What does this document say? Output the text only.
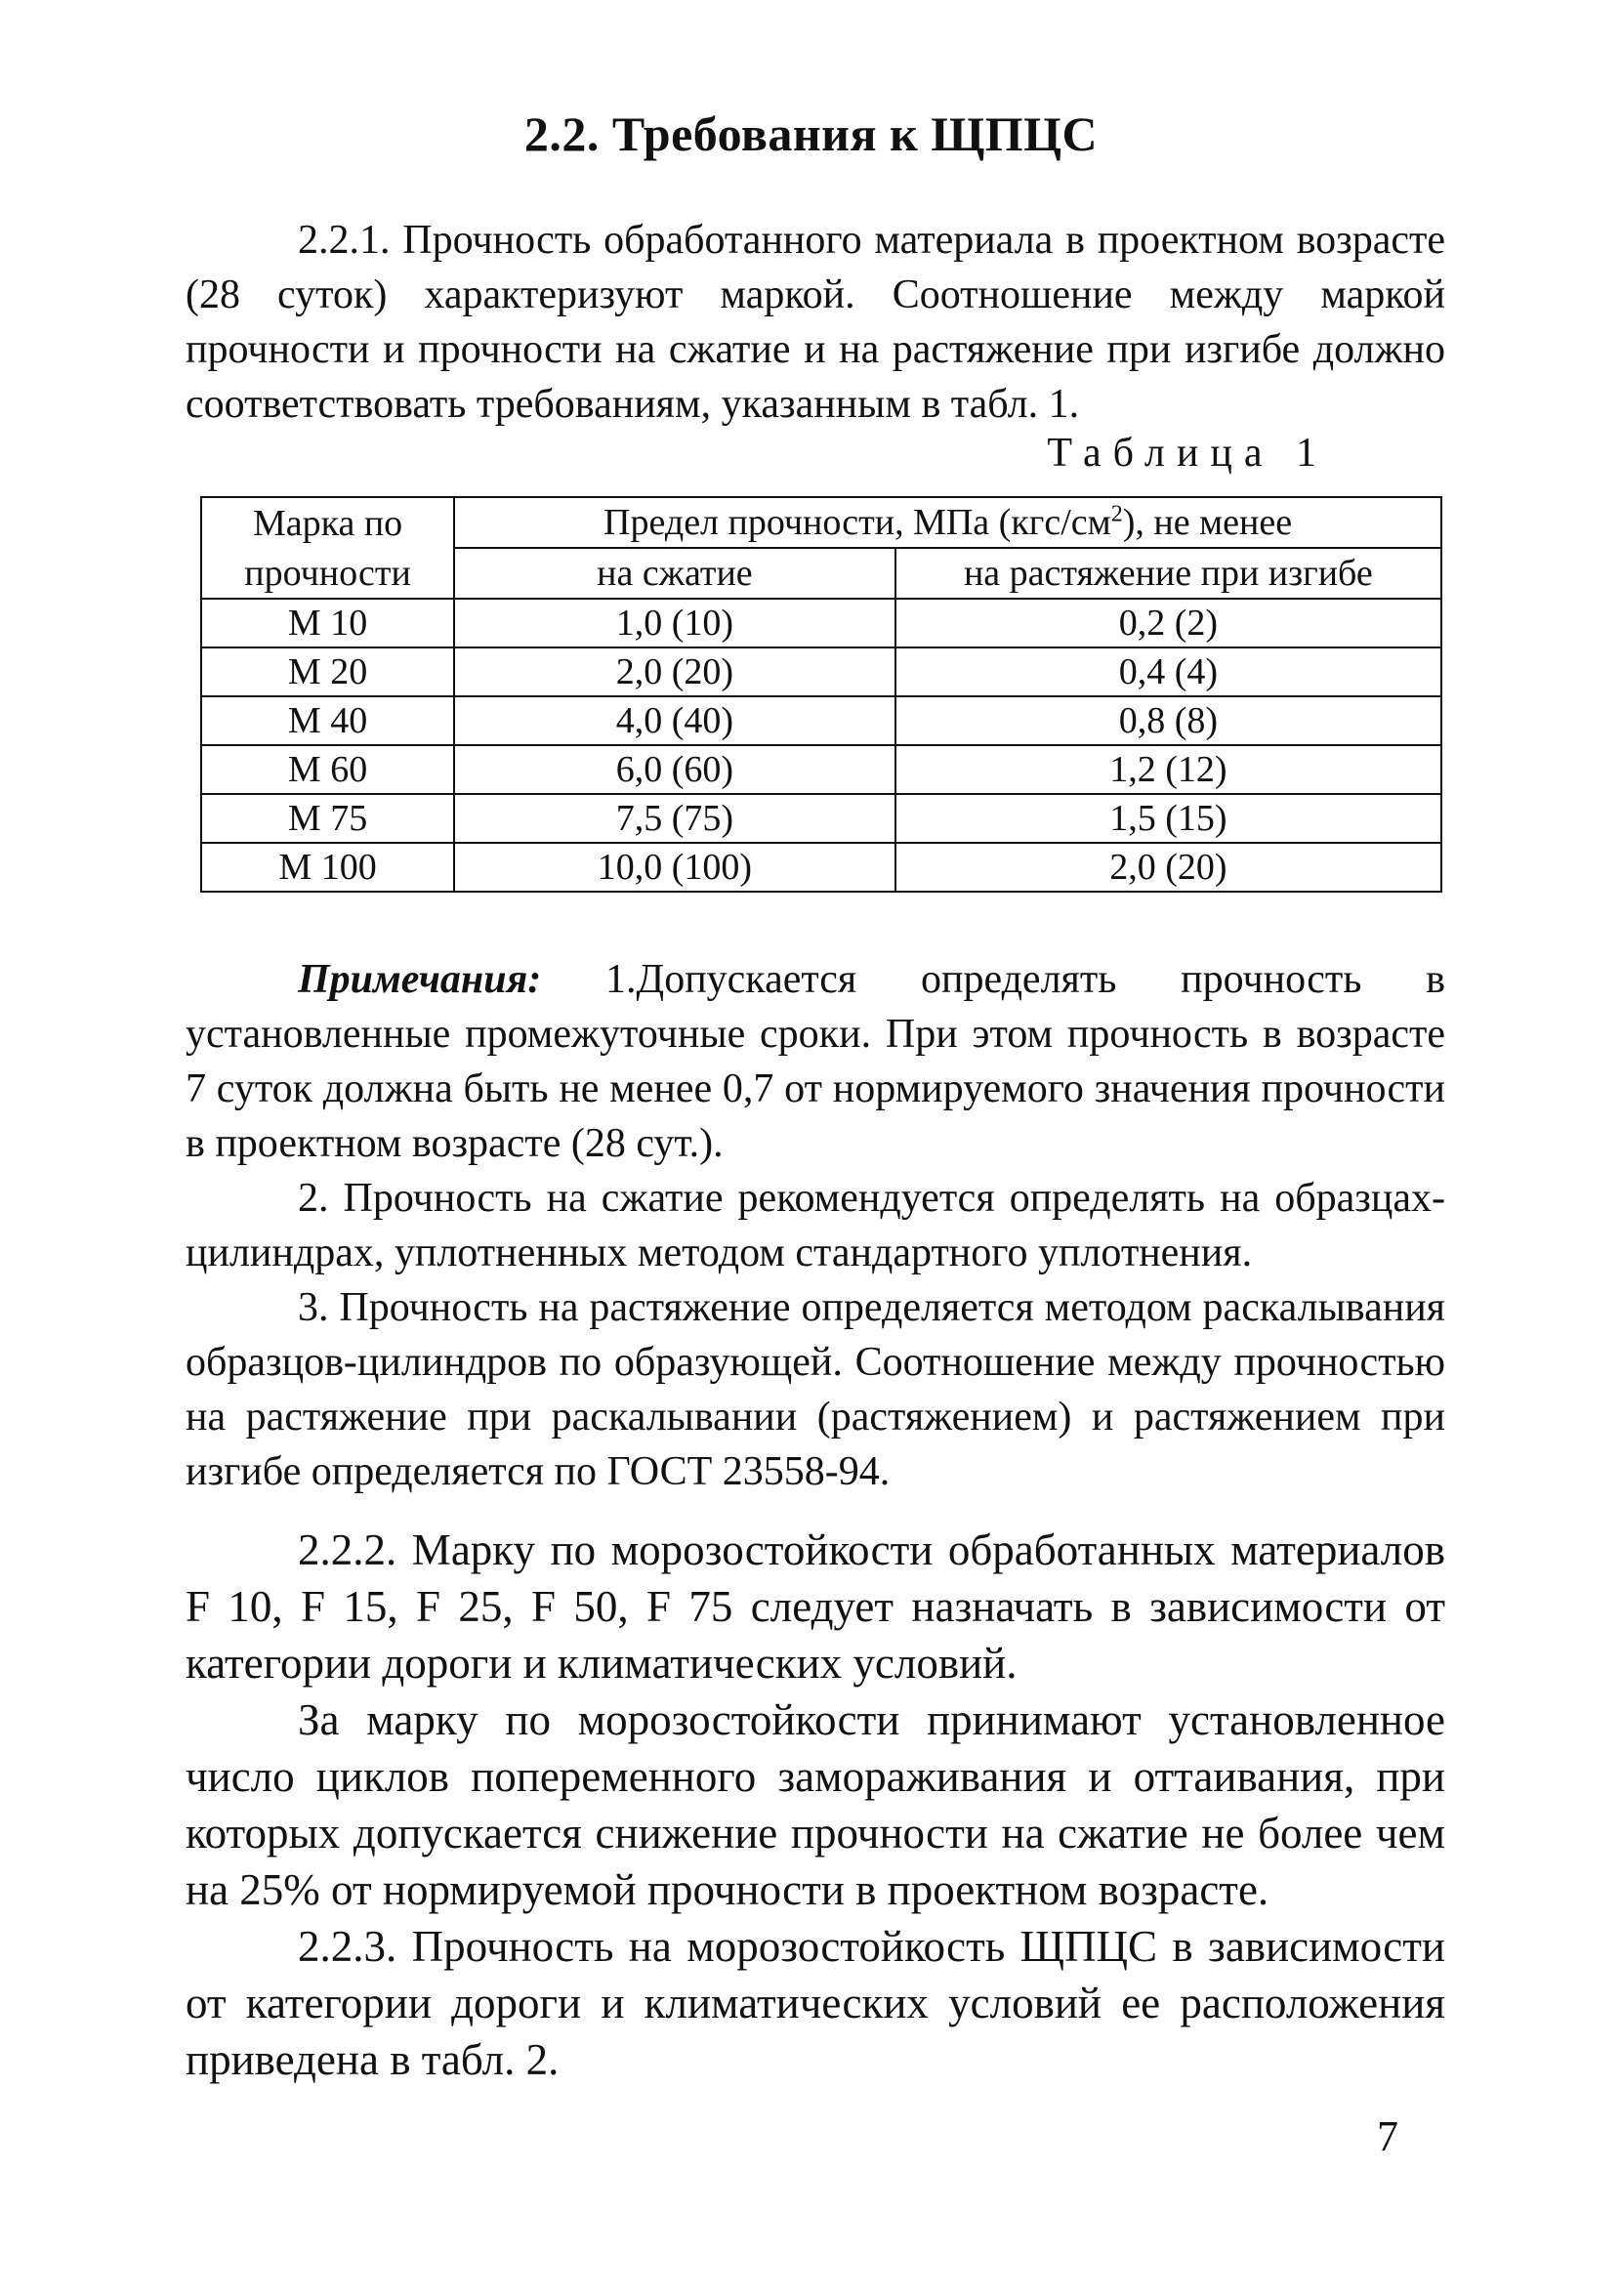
2.2. Требования к ЩПЦС

2.2.1. Прочность обработанного материала в проектном возрасте (28 суток) характеризуют маркой. Соотношение между маркой прочности и прочности на сжатие и на растяжение при изгибе должно соответствовать требованиям, указанным в табл. 1.

Таблица 1
Марка по	Предел прочности, МПа $(кгс/см^2)$, не менее	
прочности	на сжатие	на растяжение при изгибе
М 10	1,0 (10)	0,2 (2)
М 20	2,0 (20)	0,4 (4)
М 40	4,0 (40)	0,8 (8)
М 60	6,0 (60)	1,2 (12)
М 75	7,5 (75)	1,5 (15)
М 100	10,0 (100)	2,0 (20)

Примечания: 1.Допускается определять прочность в установленные промежуточные сроки. При этом прочность в возрасте 7 суток должна быть не менее 0,7 от нормируемого значения прочности в проектном возрасте (28 сут.).

2. Прочность на сжатие рекомендуется определять на образцах-цилиндрах, уплотненных методом стандартного уплотнения.

3. Прочность на растяжение определяется методом раскалывания образцов-цилиндров по образующей. Соотношение между прочностью на растяжение при раскалывании (растяжением) и растяжением при изгибе определяется по ГОСТ 23558-94.

2.2.2. Марку по морозостойкости обработанных материалов F 10, F 15, F 25, F 50, F 75 следует назначать в зависимости от категории дороги и климатических условий.

За марку по морозостойкости принимают установленное число циклов попеременного замораживания и оттаивания, при которых допускается снижение прочности на сжатие не более чем на 25% от нормируемой прочности в проектном возрасте.

2.2.3. Прочность на морозостойкость ЩПЦС в зависимости от категории дороги и климатических условий ее расположения приведена в табл. 2.

7
